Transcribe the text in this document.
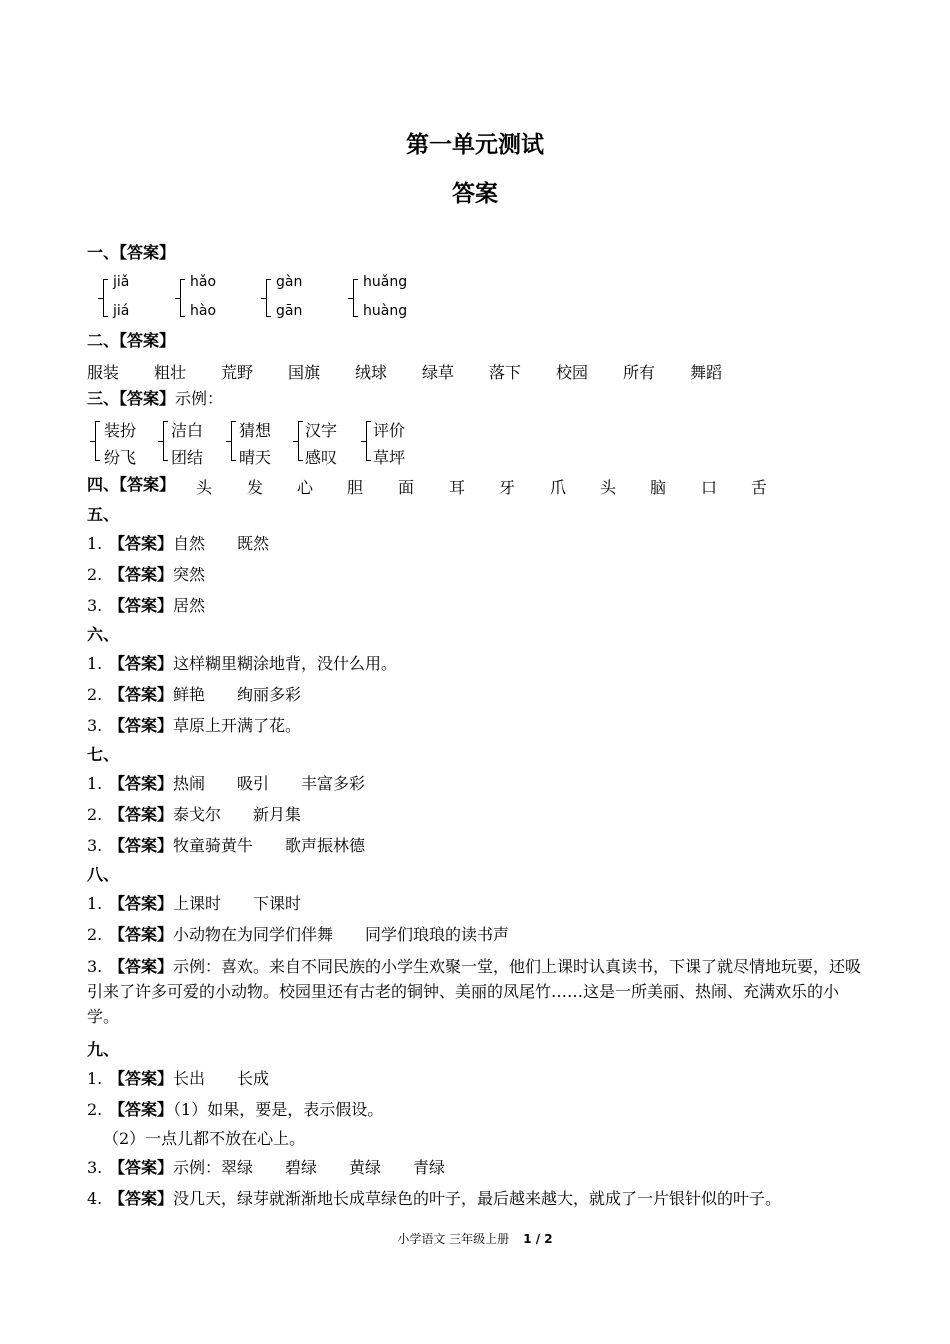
第一单元测试
答案
一、【答案】
jiǎ
jiá
hǎo
hào
gàn
gān
huǎng
huàng
二、【答案】
服装 粗壮 荒野 国旗 绒球 绿草 落下 校园 所有 舞蹈
三、【答案】示例：
装扮
纷飞
洁白
团结
猜想
晴天
汉字
感叹
评价
草坪
四、【答案】 头 发 心 胆 面 耳 牙 爪 头 脑 口 舌
五、
1. 【答案】自然　　既然
2. 【答案】突然
3. 【答案】居然
六、
1. 【答案】这样糊里糊涂地背，没什么用。
2. 【答案】鲜艳　　绚丽多彩
3. 【答案】草原上开满了花。
七、
1. 【答案】热闹　　吸引　　丰富多彩
2. 【答案】泰戈尔　　新月集
3. 【答案】牧童骑黄牛　　歌声振林德
八、
1. 【答案】上课时　　下课时
2. 【答案】小动物在为同学们伴舞　　同学们琅琅的读书声
3. 【答案】示例：喜欢。来自不同民族的小学生欢聚一堂，他们上课时认真读书，下课了就尽情地玩要，还吸引来了许多可爱的小动物。校园里还有古老的铜钟、美丽的凤尾竹……这是一所美丽、热闹、充满欢乐的小学。
九、
1. 【答案】长出　　长成
2. 【答案】（1）如果，要是，表示假设。
（2）一点儿都不放在心上。
3. 【答案】示例：翠绿　　碧绿　　黄绿　　青绿
4. 【答案】没几天，绿芽就渐渐地长成草绿色的叶子，最后越来越大，就成了一片银针似的叶子。
小学语文 三年级上册 1 / 2
